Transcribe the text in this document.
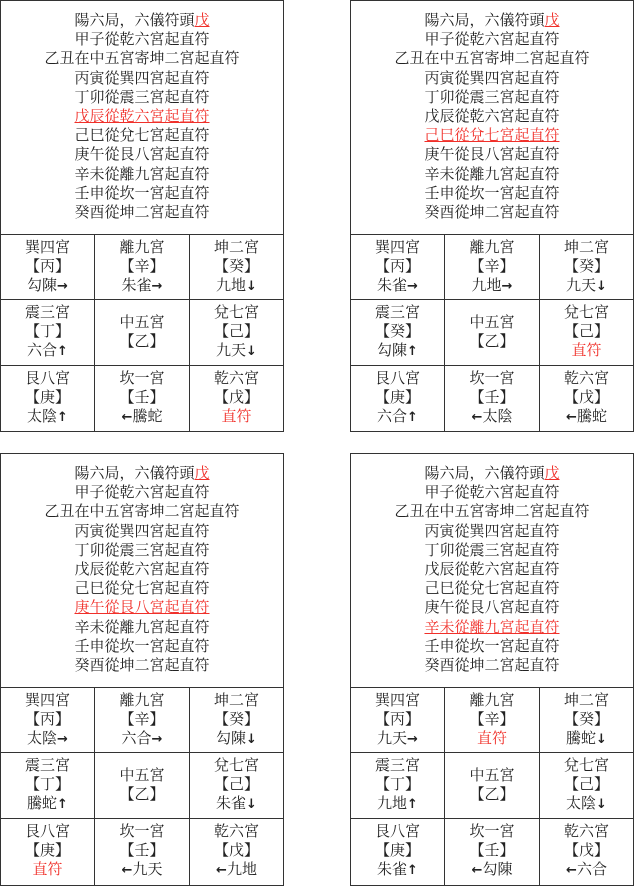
陽六局，六儀符頭戊
甲子從乾六宮起直符
乙丑在中五宮寄坤二宮起直符
丙寅從巽四宮起直符
丁卯從震三宮起直符
戊辰從乾六宮起直符
己巳從兌七宮起直符
庚午從艮八宮起直符
辛未從離九宮起直符
壬申從坎一宮起直符
癸酉從坤二宮起直符
巽四宮
【丙】
勾陳→
離九宮
【辛】
朱雀→
坤二宮
【癸】
九地↓
震三宮
【丁】
六合↑
中五宮
【乙】
兌七宮
【己】
九天↓
艮八宮
【庚】
太陰↑
坎一宮
【壬】
←騰蛇
乾六宮
【戊】
直符
陽六局，六儀符頭戊
甲子從乾六宮起直符
乙丑在中五宮寄坤二宮起直符
丙寅從巽四宮起直符
丁卯從震三宮起直符
戊辰從乾六宮起直符
己巳從兌七宮起直符
庚午從艮八宮起直符
辛未從離九宮起直符
壬申從坎一宮起直符
癸酉從坤二宮起直符
巽四宮
【丙】
朱雀→
離九宮
【辛】
九地→
坤二宮
【癸】
九天↓
震三宮
【癸】
勾陳↑
中五宮
【乙】
兌七宮
【己】
直符
艮八宮
【庚】
六合↑
坎一宮
【壬】
←太陰
乾六宮
【戊】
←騰蛇
陽六局，六儀符頭戊
甲子從乾六宮起直符
乙丑在中五宮寄坤二宮起直符
丙寅從巽四宮起直符
丁卯從震三宮起直符
戊辰從乾六宮起直符
己巳從兌七宮起直符
庚午從艮八宮起直符
辛未從離九宮起直符
壬申從坎一宮起直符
癸酉從坤二宮起直符
巽四宮
【丙】
太陰→
離九宮
【辛】
六合→
坤二宮
【癸】
勾陳↓
震三宮
【丁】
騰蛇↑
中五宮
【乙】
兌七宮
【己】
朱雀↓
艮八宮
【庚】
直符
坎一宮
【壬】
←九天
乾六宮
【戊】
←九地
陽六局，六儀符頭戊
甲子從乾六宮起直符
乙丑在中五宮寄坤二宮起直符
丙寅從巽四宮起直符
丁卯從震三宮起直符
戊辰從乾六宮起直符
己巳從兌七宮起直符
庚午從艮八宮起直符
辛未從離九宮起直符
壬申從坎一宮起直符
癸酉從坤二宮起直符
巽四宮
【丙】
九天→
離九宮
【辛】
直符
坤二宮
【癸】
騰蛇↓
震三宮
【丁】
九地↑
中五宮
【乙】
兌七宮
【己】
太陰↓
艮八宮
【庚】
朱雀↑
坎一宮
【壬】
←勾陳
乾六宮
【戊】
←六合
